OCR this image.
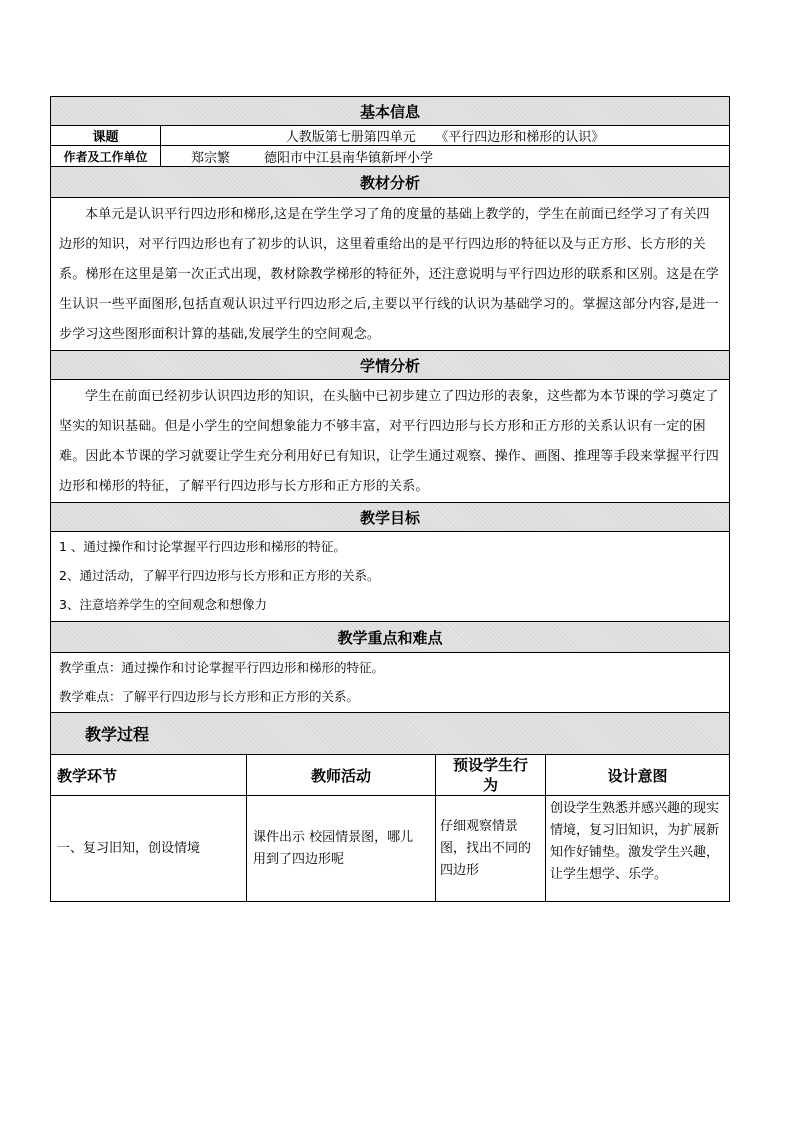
基本信息				
课题	人教版第七册第四单元　　《平行四边形和梯形的认识》			
作者及工作单位	郑宗繁 德阳市中江县南华镇新坪小学			
教材分析				
本单元是认识平行四边形和梯形,这是在学生学习了角的度量的基础上教学的，学生在前面已经学习了有关四边形的知识，对平行四边形也有了初步的认识，这里着重给出的是平行四边形的特征以及与正方形、长方形的关系。梯形在这里是第一次正式出现，教材除教学梯形的特征外，还注意说明与平行四边形的联系和区别。这是在学生认识一些平面图形,包括直观认识过平行四边形之后,主要以平行线的认识为基础学习的。掌握这部分内容,是进一步学习这些图形面积计算的基础,发展学生的空间观念。				
学情分析				
学生在前面已经初步认识四边形的知识，在头脑中已初步建立了四边形的表象，这些都为本节课的学习奠定了坚实的知识基础。但是小学生的空间想象能力不够丰富，对平行四边形与长方形和正方形的关系认识有一定的困难。因此本节课的学习就要让学生充分利用好已有知识，让学生通过观察、操作、画图、推理等手段来掌握平行四边形和梯形的特征，了解平行四边形与长方形和正方形的关系。				
教学目标				

1 、通过操作和讨论掌握平行四边形和梯形的特征。
2、通过活动，了解平行四边形与长方形和正方形的关系。
3、注意培养学生的空间观念和想像力				

教学重点和难点				

教学重点：通过操作和讨论掌握平行四边形和梯形的特征。
教学难点：了解平行四边形与长方形和正方形的关系。				

教学过程				
教学环节		教师活动	预设学生行为	设计意图
一、复习旧知，创设情境		课件出示 校园情景图，哪儿用到了四边形呢	仔细观察情景图，找出不同的四边形	创设学生熟悉并感兴趣的现实情境，复习旧知识，为扩展新知作好铺垫。激发学生兴趣，让学生想学、乐学。
